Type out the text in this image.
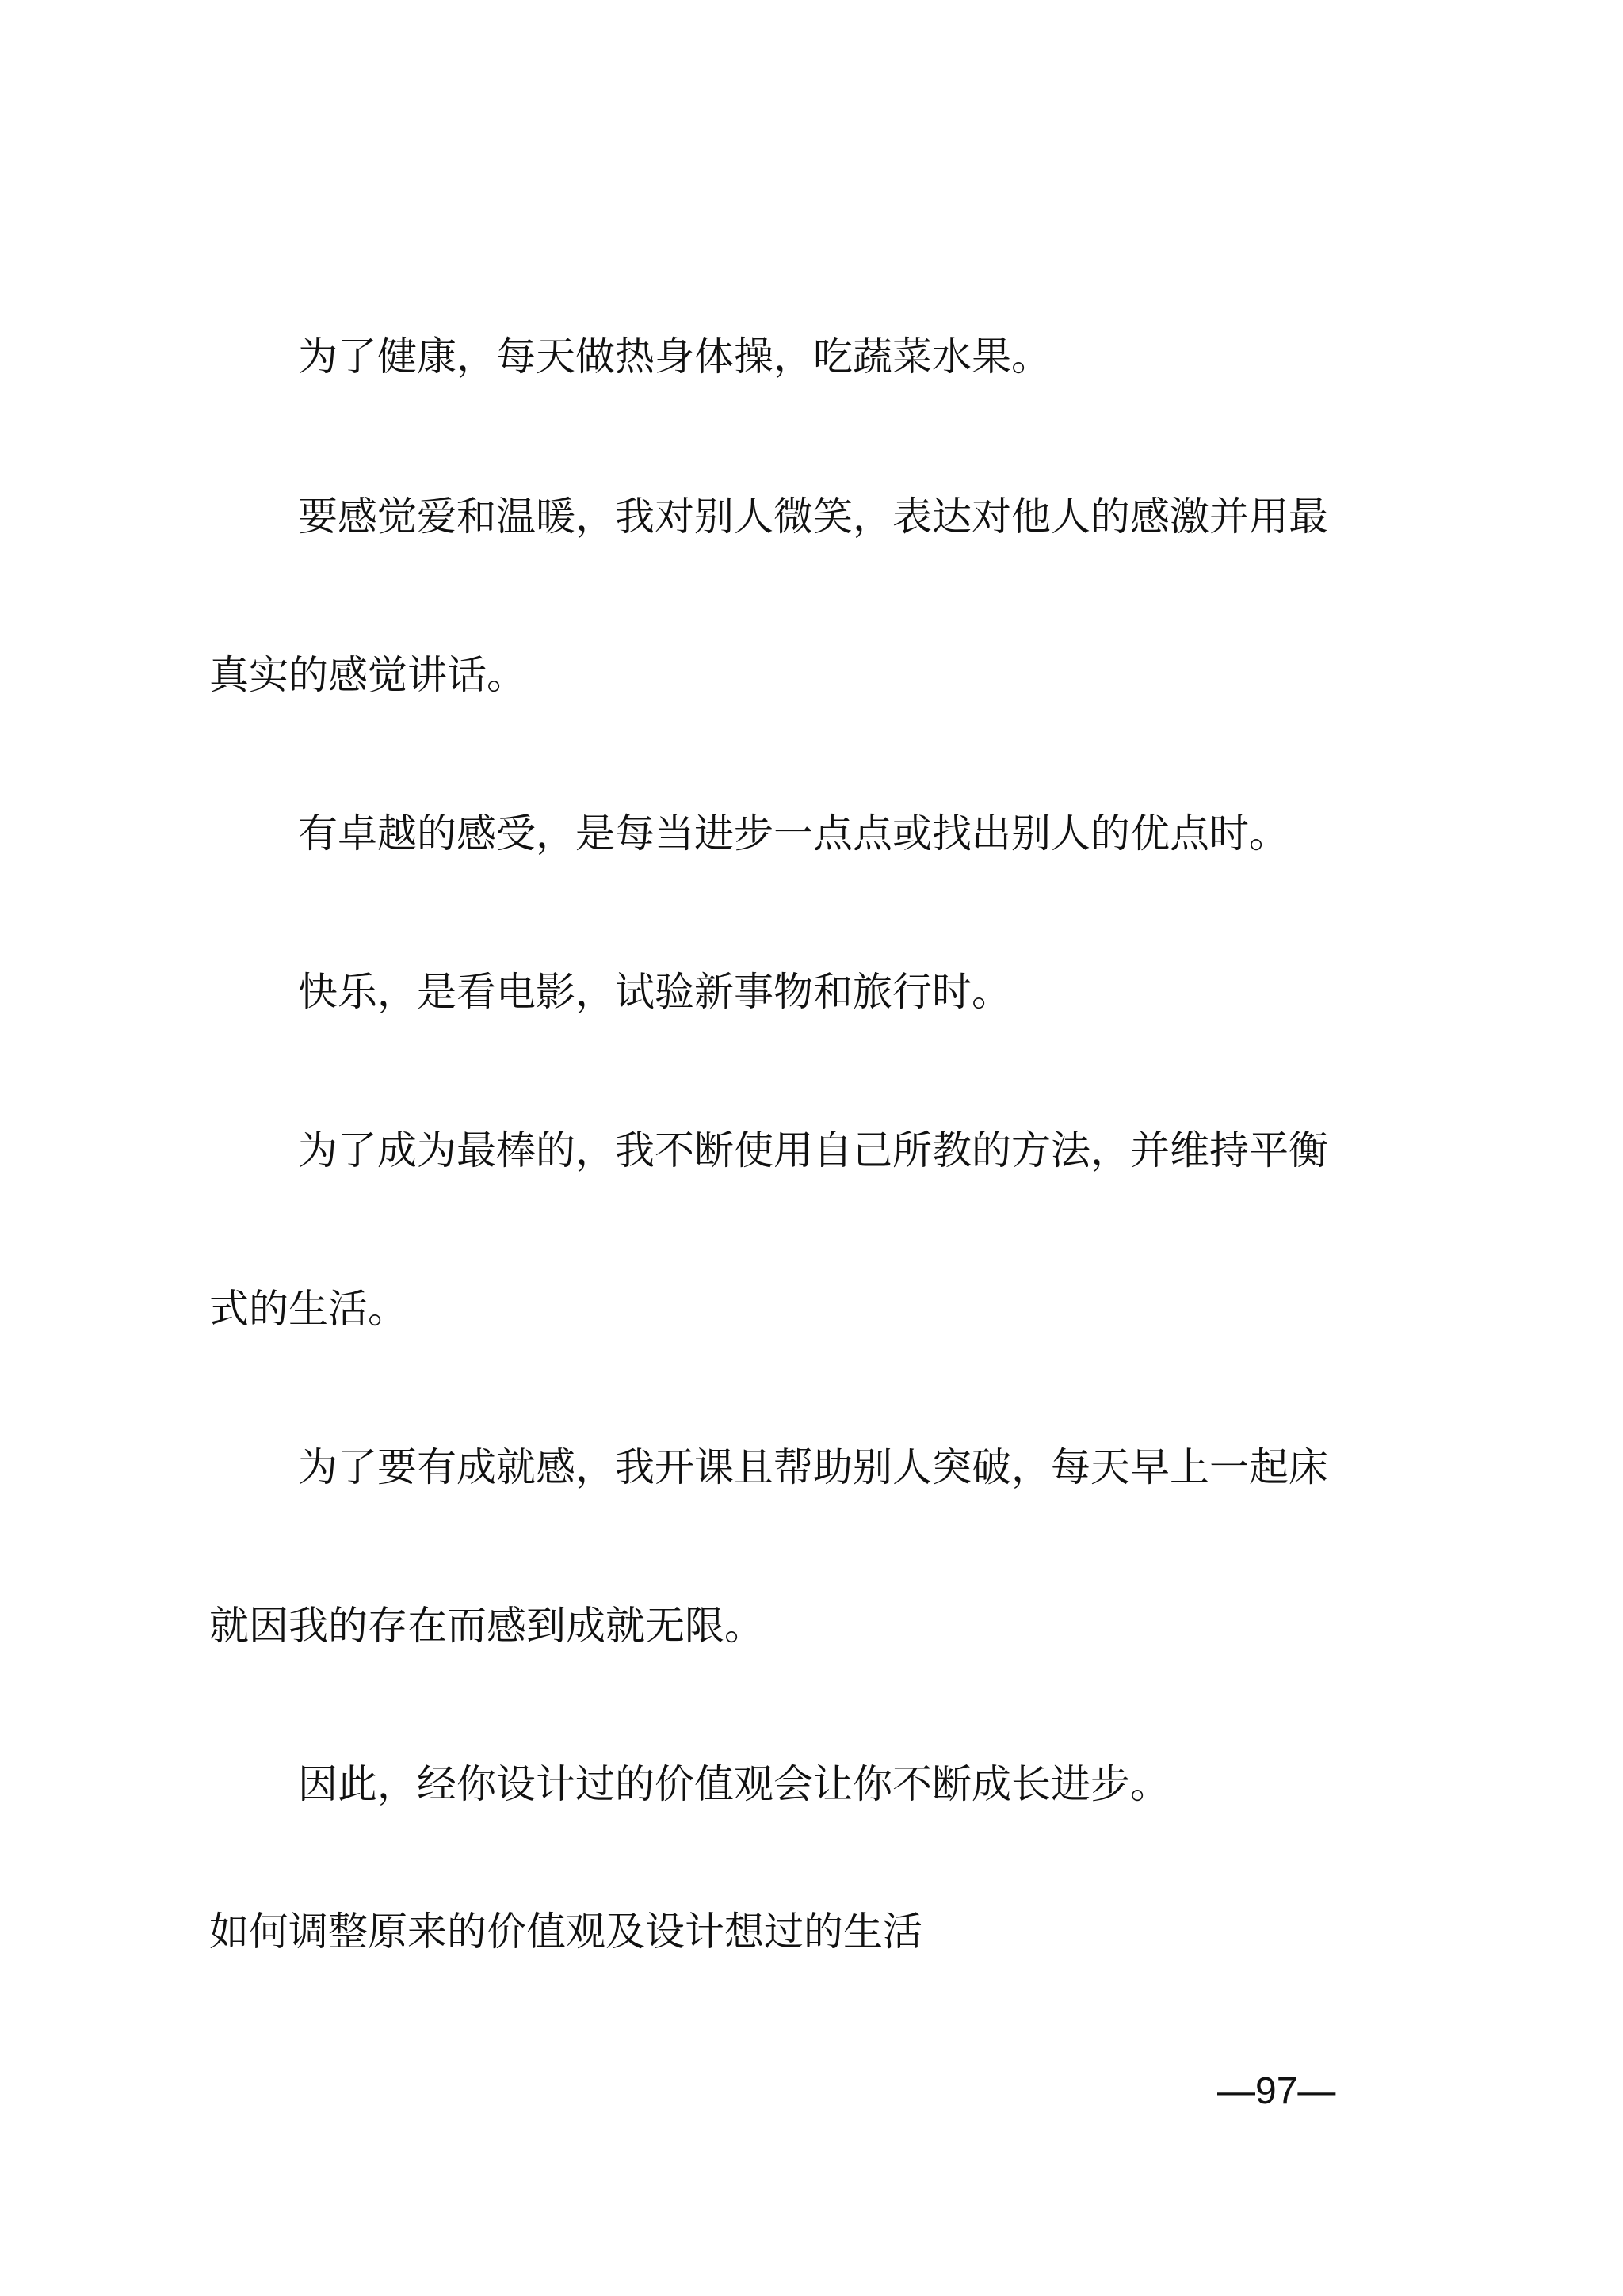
为了健康，每天做热身体操，吃蔬菜水果。

要感觉爱和温暖，我对别人微笑，表达对他人的感激并用最

真实的感觉讲话。

有卓越的感受，是每当进步一点点或找出别人的优点时。

快乐，是看电影，试验新事物和旅行时。

为了成为最棒的，我不断使用自己所教的方法，并维持平衡

式的生活。

为了要有成就感，我开课且帮助别人突破，每天早上一起床

就因我的存在而感到成就无限。

因此，经你设计过的价值观会让你不断成长进步。

如何调整原来的价值观及设计想过的生活

—97—
